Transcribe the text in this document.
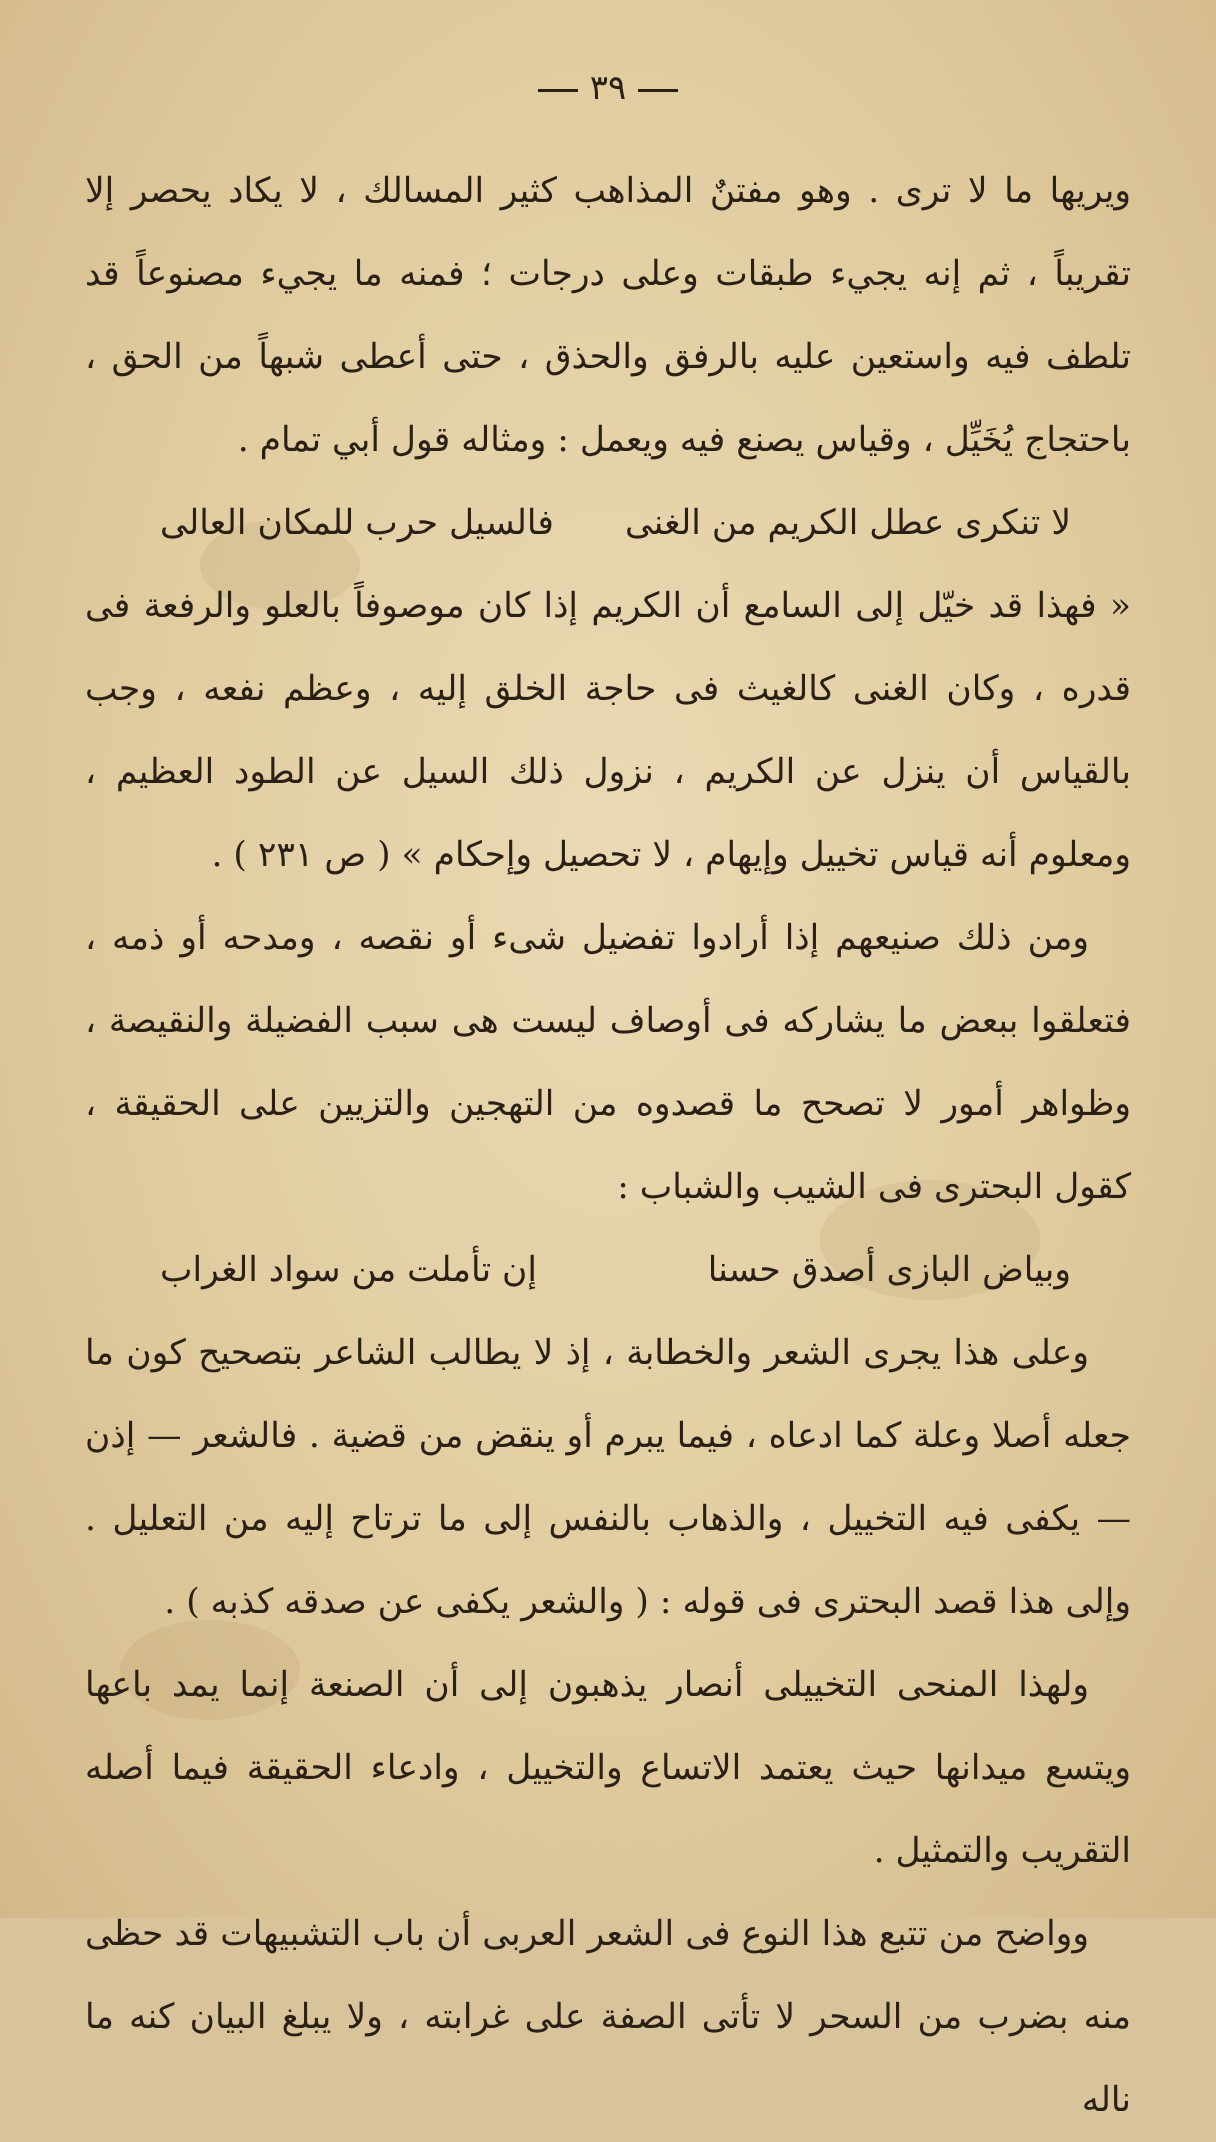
٣٩

ويريها ما لا ترى . وهو مفتنٌ المذاهب كثير المسالك ، لا يكاد يحصر إلا تقريباً ، ثم إنه يجيء طبقات وعلى درجات ؛ فمنه ما يجيء مصنوعاً قد تلطف فيه واستعين عليه بالرفق والحذق ، حتى أعطى شبهاً من الحق ، باحتجاج يُخَيِّل ، وقياس يصنع فيه ويعمل : ومثاله قول أبي تمام .

لا تنكرى عطل الكريم من الغنى
فالسيل حرب للمكان العالى

« فهذا قد خيّل إلى السامع أن الكريم إذا كان موصوفاً بالعلو والرفعة فى قدره ، وكان الغنى كالغيث فى حاجة الخلق إليه ، وعظم نفعه ، وجب بالقياس أن ينزل عن الكريم ، نزول ذلك السيل عن الطود العظيم ، ومعلوم أنه قياس تخييل وإيهام ، لا تحصيل وإحكام » ( ص ٢٣١ ) .

ومن ذلك صنيعهم إذا أرادوا تفضيل شىء أو نقصه ، ومدحه أو ذمه ، فتعلقوا ببعض ما يشاركه فى أوصاف ليست هى سبب الفضيلة والنقيصة ، وظواهر أمور لا تصحح ما قصدوه من التهجين والتزيين على الحقيقة ، كقول البحترى فى الشيب والشباب :

وبياض البازى أصدق حسنا
إن تأملت من سواد الغراب

وعلى هذا يجرى الشعر والخطابة ، إذ لا يطالب الشاعر بتصحيح كون ما جعله أصلا وعلة كما ادعاه ، فيما يبرم أو ينقض من قضية . فالشعر — إذن — يكفى فيه التخييل ، والذهاب بالنفس إلى ما ترتاح إليه من التعليل . وإلى هذا قصد البحترى فى قوله : ( والشعر يكفى عن صدقه كذبه ) .

ولهذا المنحى التخييلى أنصار يذهبون إلى أن الصنعة إنما يمد باعها ويتسع ميدانها حيث يعتمد الاتساع والتخييل ، وادعاء الحقيقة فيما أصله التقريب والتمثيل .

وواضح من تتبع هذا النوع فى الشعر العربى أن باب التشبيهات قد حظى منه بضرب من السحر لا تأتى الصفة على غرابته ، ولا يبلغ البيان كنه ما ناله
